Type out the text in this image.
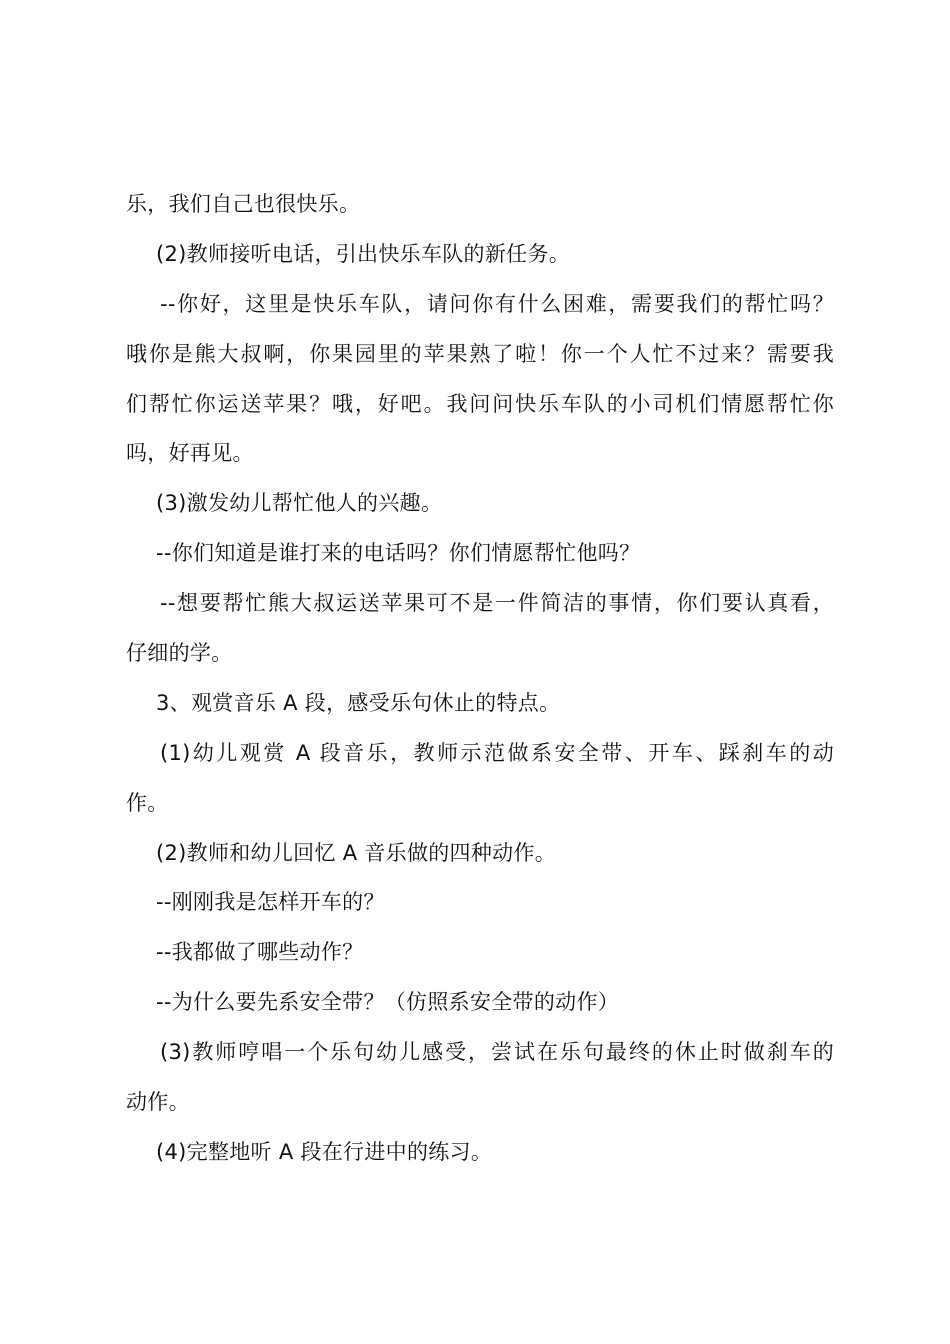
乐，我们自己也很快乐。
(2)教师接听电话，引出快乐车队的新任务。
--你好，这里是快乐车队，请问你有什么困难，需要我们的帮忙吗？
哦你是熊大叔啊，你果园里的苹果熟了啦！你一个人忙不过来？需要我
们帮忙你运送苹果？哦，好吧。我问问快乐车队的小司机们情愿帮忙你
吗，好再见。
(3)激发幼儿帮忙他人的兴趣。
--你们知道是谁打来的电话吗？你们情愿帮忙他吗？
--想要帮忙熊大叔运送苹果可不是一件简洁的事情，你们要认真看，
仔细的学。
3、观赏音乐 A 段，感受乐句休止的特点。
(1)幼儿观赏 A 段音乐，教师示范做系安全带、开车、踩刹车的动
作。
(2)教师和幼儿回忆 A 音乐做的四种动作。
--刚刚我是怎样开车的？
--我都做了哪些动作？
--为什么要先系安全带？（仿照系安全带的动作）
(3)教师哼唱一个乐句幼儿感受，尝试在乐句最终的休止时做刹车的
动作。
(4)完整地听 A 段在行进中的练习。
